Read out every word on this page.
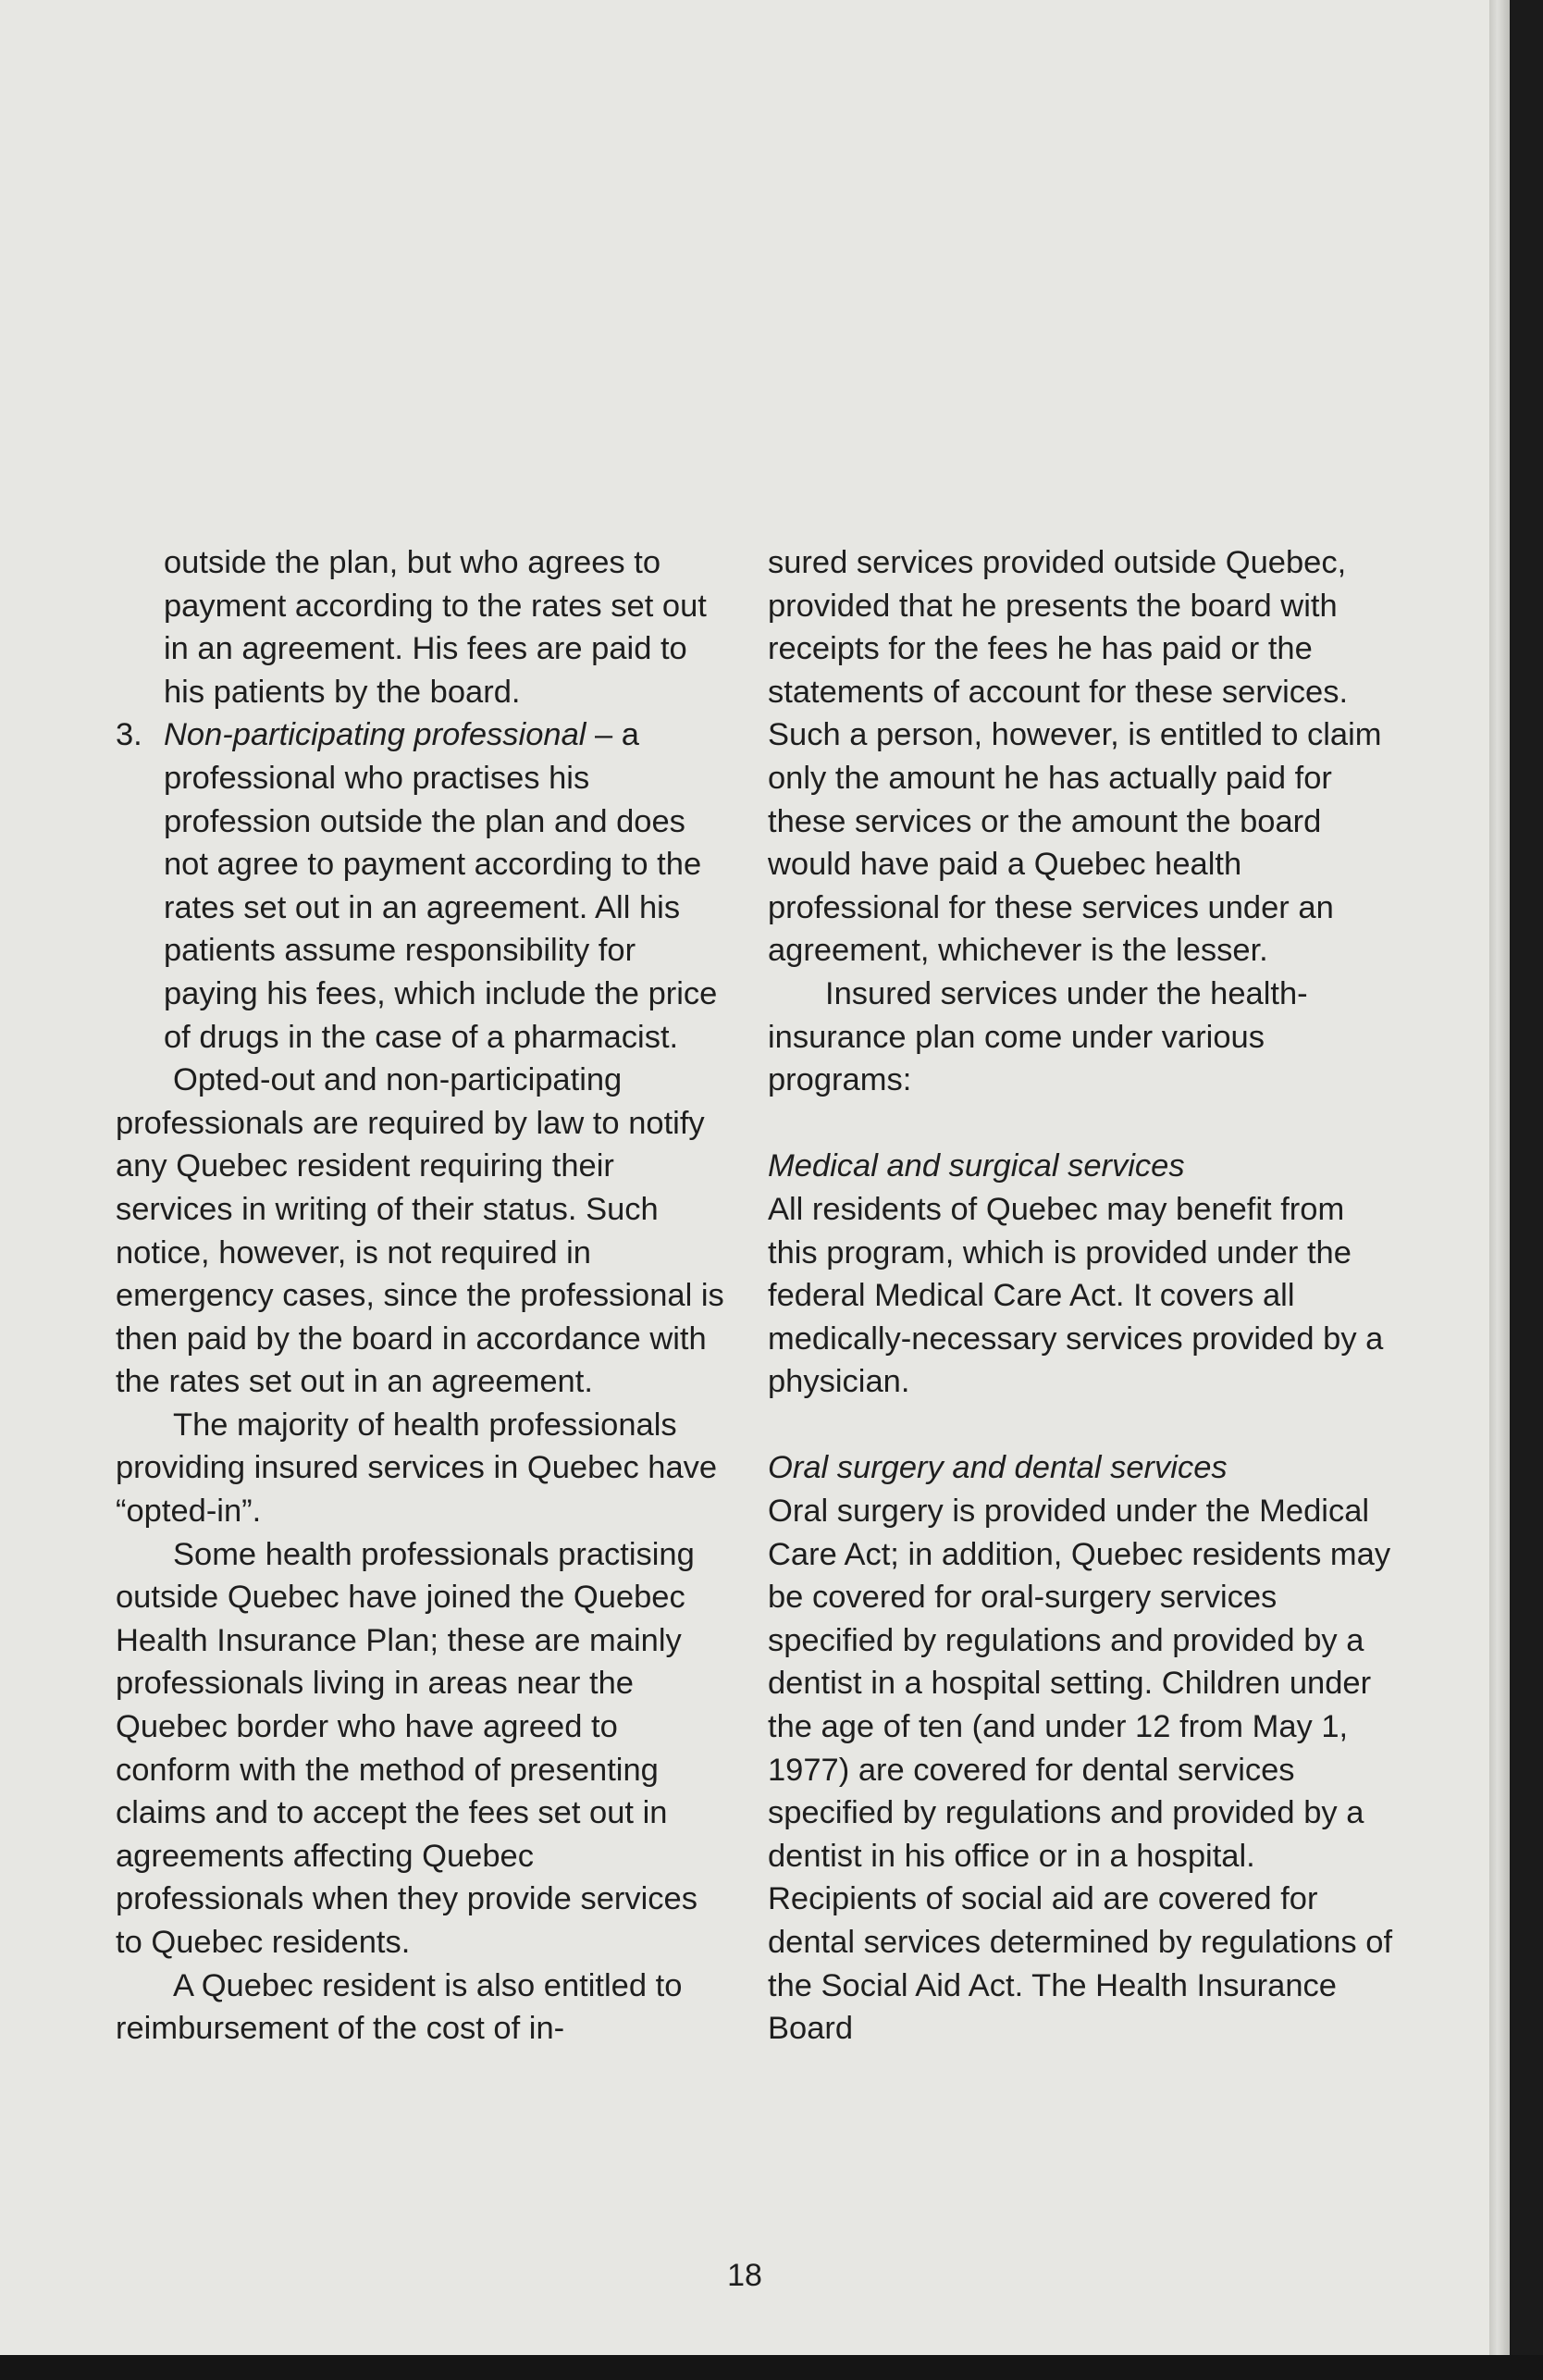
outside the plan, but who agrees to payment according to the rates set out in an agreement. His fees are paid to his patients by the board.

3. Non-participating professional – a professional who practises his profession outside the plan and does not agree to payment according to the rates set out in an agreement. All his patients assume responsibility for paying his fees, which include the price of drugs in the case of a pharmacist.

Opted-out and non-participating professionals are required by law to notify any Quebec resident requiring their services in writing of their status. Such notice, however, is not required in emergency cases, since the professional is then paid by the board in accordance with the rates set out in an agreement.

The majority of health professionals providing insured services in Quebec have “opted-in”.

Some health professionals practising outside Quebec have joined the Quebec Health Insurance Plan; these are mainly professionals living in areas near the Quebec border who have agreed to conform with the method of presenting claims and to accept the fees set out in agreements affecting Quebec professionals when they provide services to Quebec residents.

A Quebec resident is also entitled to reimbursement of the cost of in-

sured services provided outside Quebec, provided that he presents the board with receipts for the fees he has paid or the statements of account for these services. Such a person, however, is entitled to claim only the amount he has actually paid for these services or the amount the board would have paid a Quebec health professional for these services under an agreement, whichever is the lesser.

Insured services under the health-insurance plan come under various programs:

Medical and surgical services

All residents of Quebec may benefit from this program, which is provided under the federal Medical Care Act. It covers all medically-necessary services provided by a physician.

Oral surgery and dental services

Oral surgery is provided under the Medical Care Act; in addition, Quebec residents may be covered for oral-surgery services specified by regulations and provided by a dentist in a hospital setting. Children under the age of ten (and under 12 from May 1, 1977) are covered for dental services specified by regulations and provided by a dentist in his office or in a hospital. Recipients of social aid are covered for dental services determined by regulations of the Social Aid Act. The Health Insurance Board

18
